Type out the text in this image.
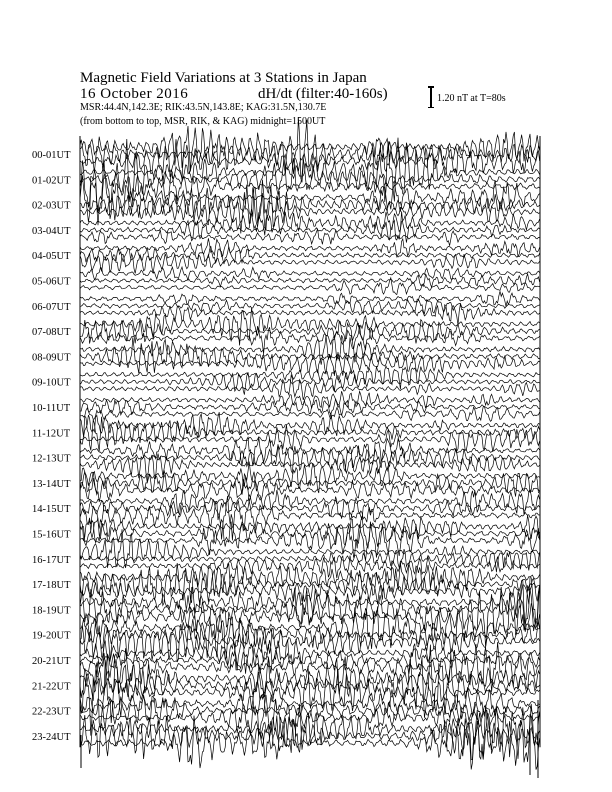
Magnetic Field Variations at 3 Stations in Japan
16 October 2016	dH/dt (filter:40-160s)
MSR:44.4N,142.3E; RIK:43.5N,143.8E; KAG:31.5N,130.7E
(from bottom to top, MSR, RIK, & KAG) midnight=1500UT
1.20 nT at T=80s
00-01UT
01-02UT
02-03UT
03-04UT
04-05UT
05-06UT
06-07UT
07-08UT
08-09UT
09-10UT
10-11UT
11-12UT
12-13UT
13-14UT
14-15UT
15-16UT
16-17UT
17-18UT
18-19UT
19-20UT
20-21UT
21-22UT
22-23UT
23-24UT
